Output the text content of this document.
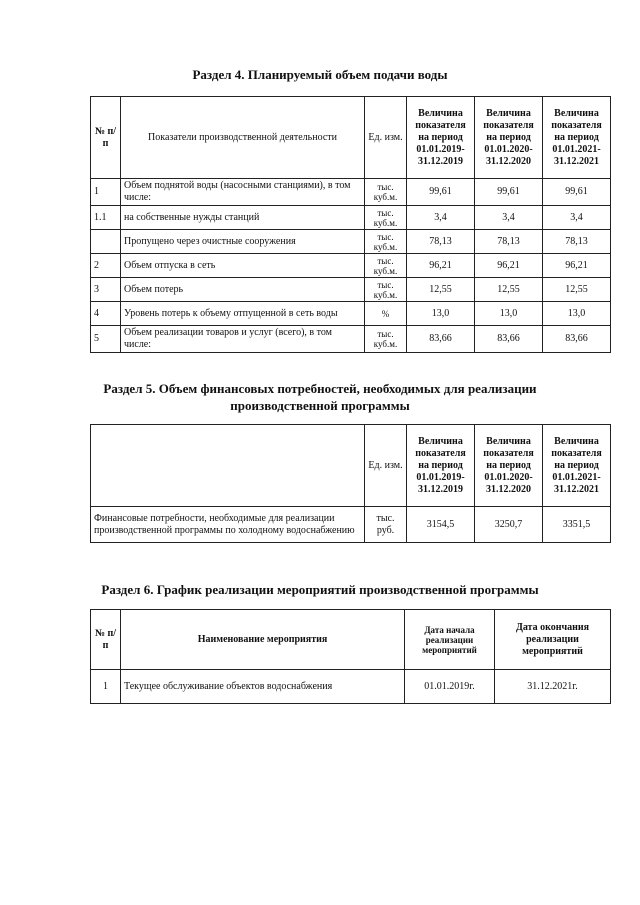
Раздел 4. Планируемый объем подачи воды
№ п/п	Показатели производственной деятельности	Ед. изм.	Величина показателя на период 01.01.2019-31.12.2019	Величина показателя на период 01.01.2020-31.12.2020	Величина показателя на период 01.01.2021-31.12.2021
1	Объем поднятой воды (насосными станциями), в том числе:	тыс. куб.м.	99,61	99,61	99,61
1.1	на собственные нужды станций	тыс. куб.м.	3,4	3,4	3,4
	Пропущено через очистные сооружения	тыс. куб.м.	78,13	78,13	78,13
2	Объем отпуска в сеть	тыс. куб.м.	96,21	96,21	96,21
3	Объем потерь	тыс. куб.м.	12,55	12,55	12,55
4	Уровень потерь к объему отпущенной в сеть воды	%	13,0	13,0	13,0
5	Объем реализации товаров и услуг (всего), в том числе:	тыс. куб.м.	83,66	83,66	83,66
Раздел 5. Объем финансовых потребностей, необходимых для реализации
производственной программы
	Ед. изм.	Величина показателя на период 01.01.2019-31.12.2019	Величина показателя на период 01.01.2020-31.12.2020	Величина показателя на период 01.01.2021-31.12.2021
Финансовые потребности, необходимые для реализации производственной программы по холодному водоснабжению	тыс. руб.	3154,5	3250,7	3351,5
Раздел 6. График реализации мероприятий производственной программы
№ п/п	Наименование мероприятия	Дата начала реализации мероприятий	Дата окончания реализации мероприятий
1	Текущее обслуживание объектов водоснабжения	01.01.2019г.	31.12.2021г.
